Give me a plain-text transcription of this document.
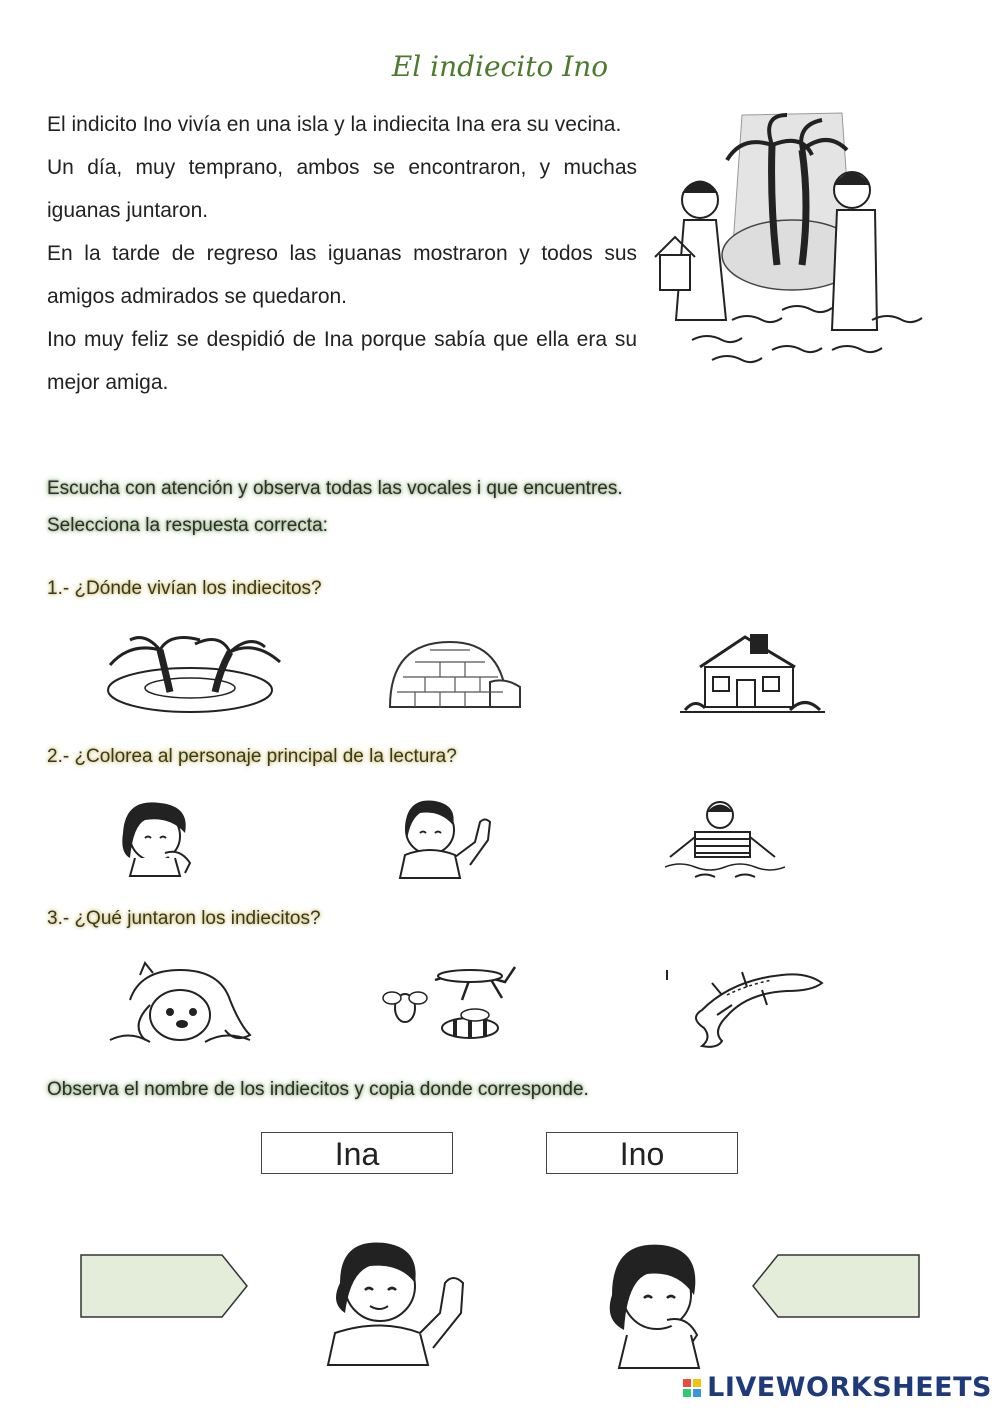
El indiecito Ino

El indicito Ino vivía en una isla y la indiecita Ina era su vecina.

Un día, muy temprano, ambos se encontraron, y muchas iguanas juntaron.

En la tarde de regreso las iguanas mostraron y todos sus amigos admirados se quedaron.

Ino muy feliz se despidió de Ina porque sabía que ella era su mejor amiga.

Escucha con atención y observa todas las vocales i que encuentres.
Selecciona la respuesta correcta:
1.- ¿Dónde vivían los indiecitos?
2.- ¿Colorea al personaje principal de la lectura?
3.- ¿Qué juntaron los indiecitos?
Observa el nombre de los indiecitos y copia donde corresponde.
Ina	Ino
LIVEWORKSHEETS
